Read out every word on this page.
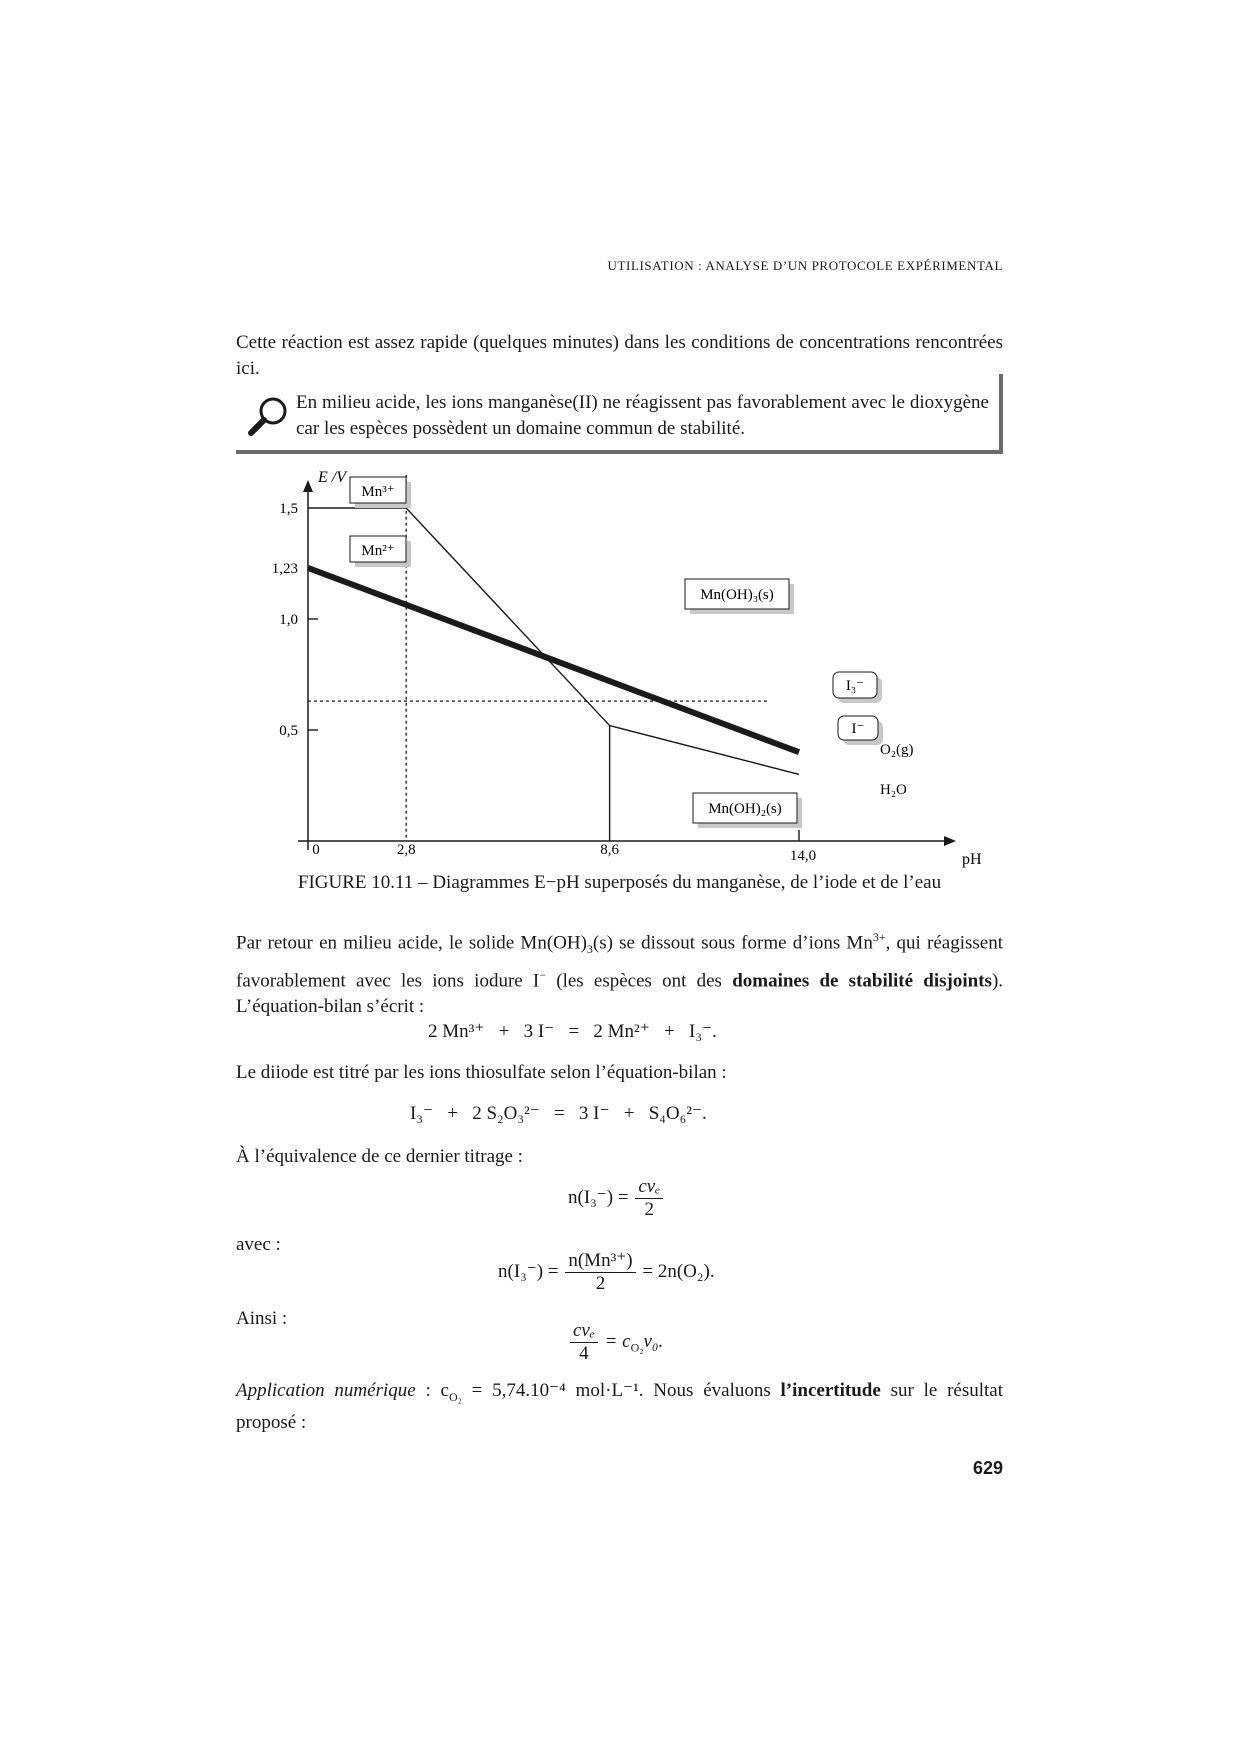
UTILISATION : ANALYSE D’UN PROTOCOLE EXPÉRIMENTAL
Cette réaction est assez rapide (quelques minutes) dans les conditions de concentrations rencontrées ici.
En milieu acide, les ions manganèse(II) ne réagissent pas favorablement avec le dioxygène car les espèces possèdent un domaine commun de stabilité.
E /V
pH
0,5
1,0
1,23
1,5
0	2,8	8,6	14,0
Mn³⁺
Mn²⁺
Mn(OH)₃(s)
Mn(OH)₂(s)
I₃⁻
I⁻
O₂(g)
H₂O
FIGURE 10.11 – Diagrammes E−pH superposés du manganèse, de l’iode et de l’eau
Par retour en milieu acide, le solide $Mn(OH)_3(s)$ se dissout sous forme d’ions $Mn^{3+}$, qui réagissent favorablement avec les ions iodure I− (les espèces ont des domaines de stabilité disjoints). L’équation-bilan s’écrit :
2 Mn³⁺   +   3 I⁻   =   2 Mn²⁺   +   I₃⁻.
Le diiode est titré par les ions thiosulfate selon l’équation-bilan :
I₃⁻   +   2 S₂O₃²⁻   =   3 I⁻   +   S₄O₆²⁻.
À l’équivalence de ce dernier titrage :
$n(I_3^-) = \frac{\text{cvₑ}}{2}$
avec :
$n(I_3^-) = \frac{\text{n(Mn³⁺)}}{2} = 2n(O_2)$.
Ainsi :
$\frac{\text{cvₑ}}{4} = c_{O_2}v_0$.
Application numérique : $c_{O_2} = 5,74.10^{-4}$ mol·L⁻¹. Nous évaluons l’incertitude sur le résultat proposé :
629
